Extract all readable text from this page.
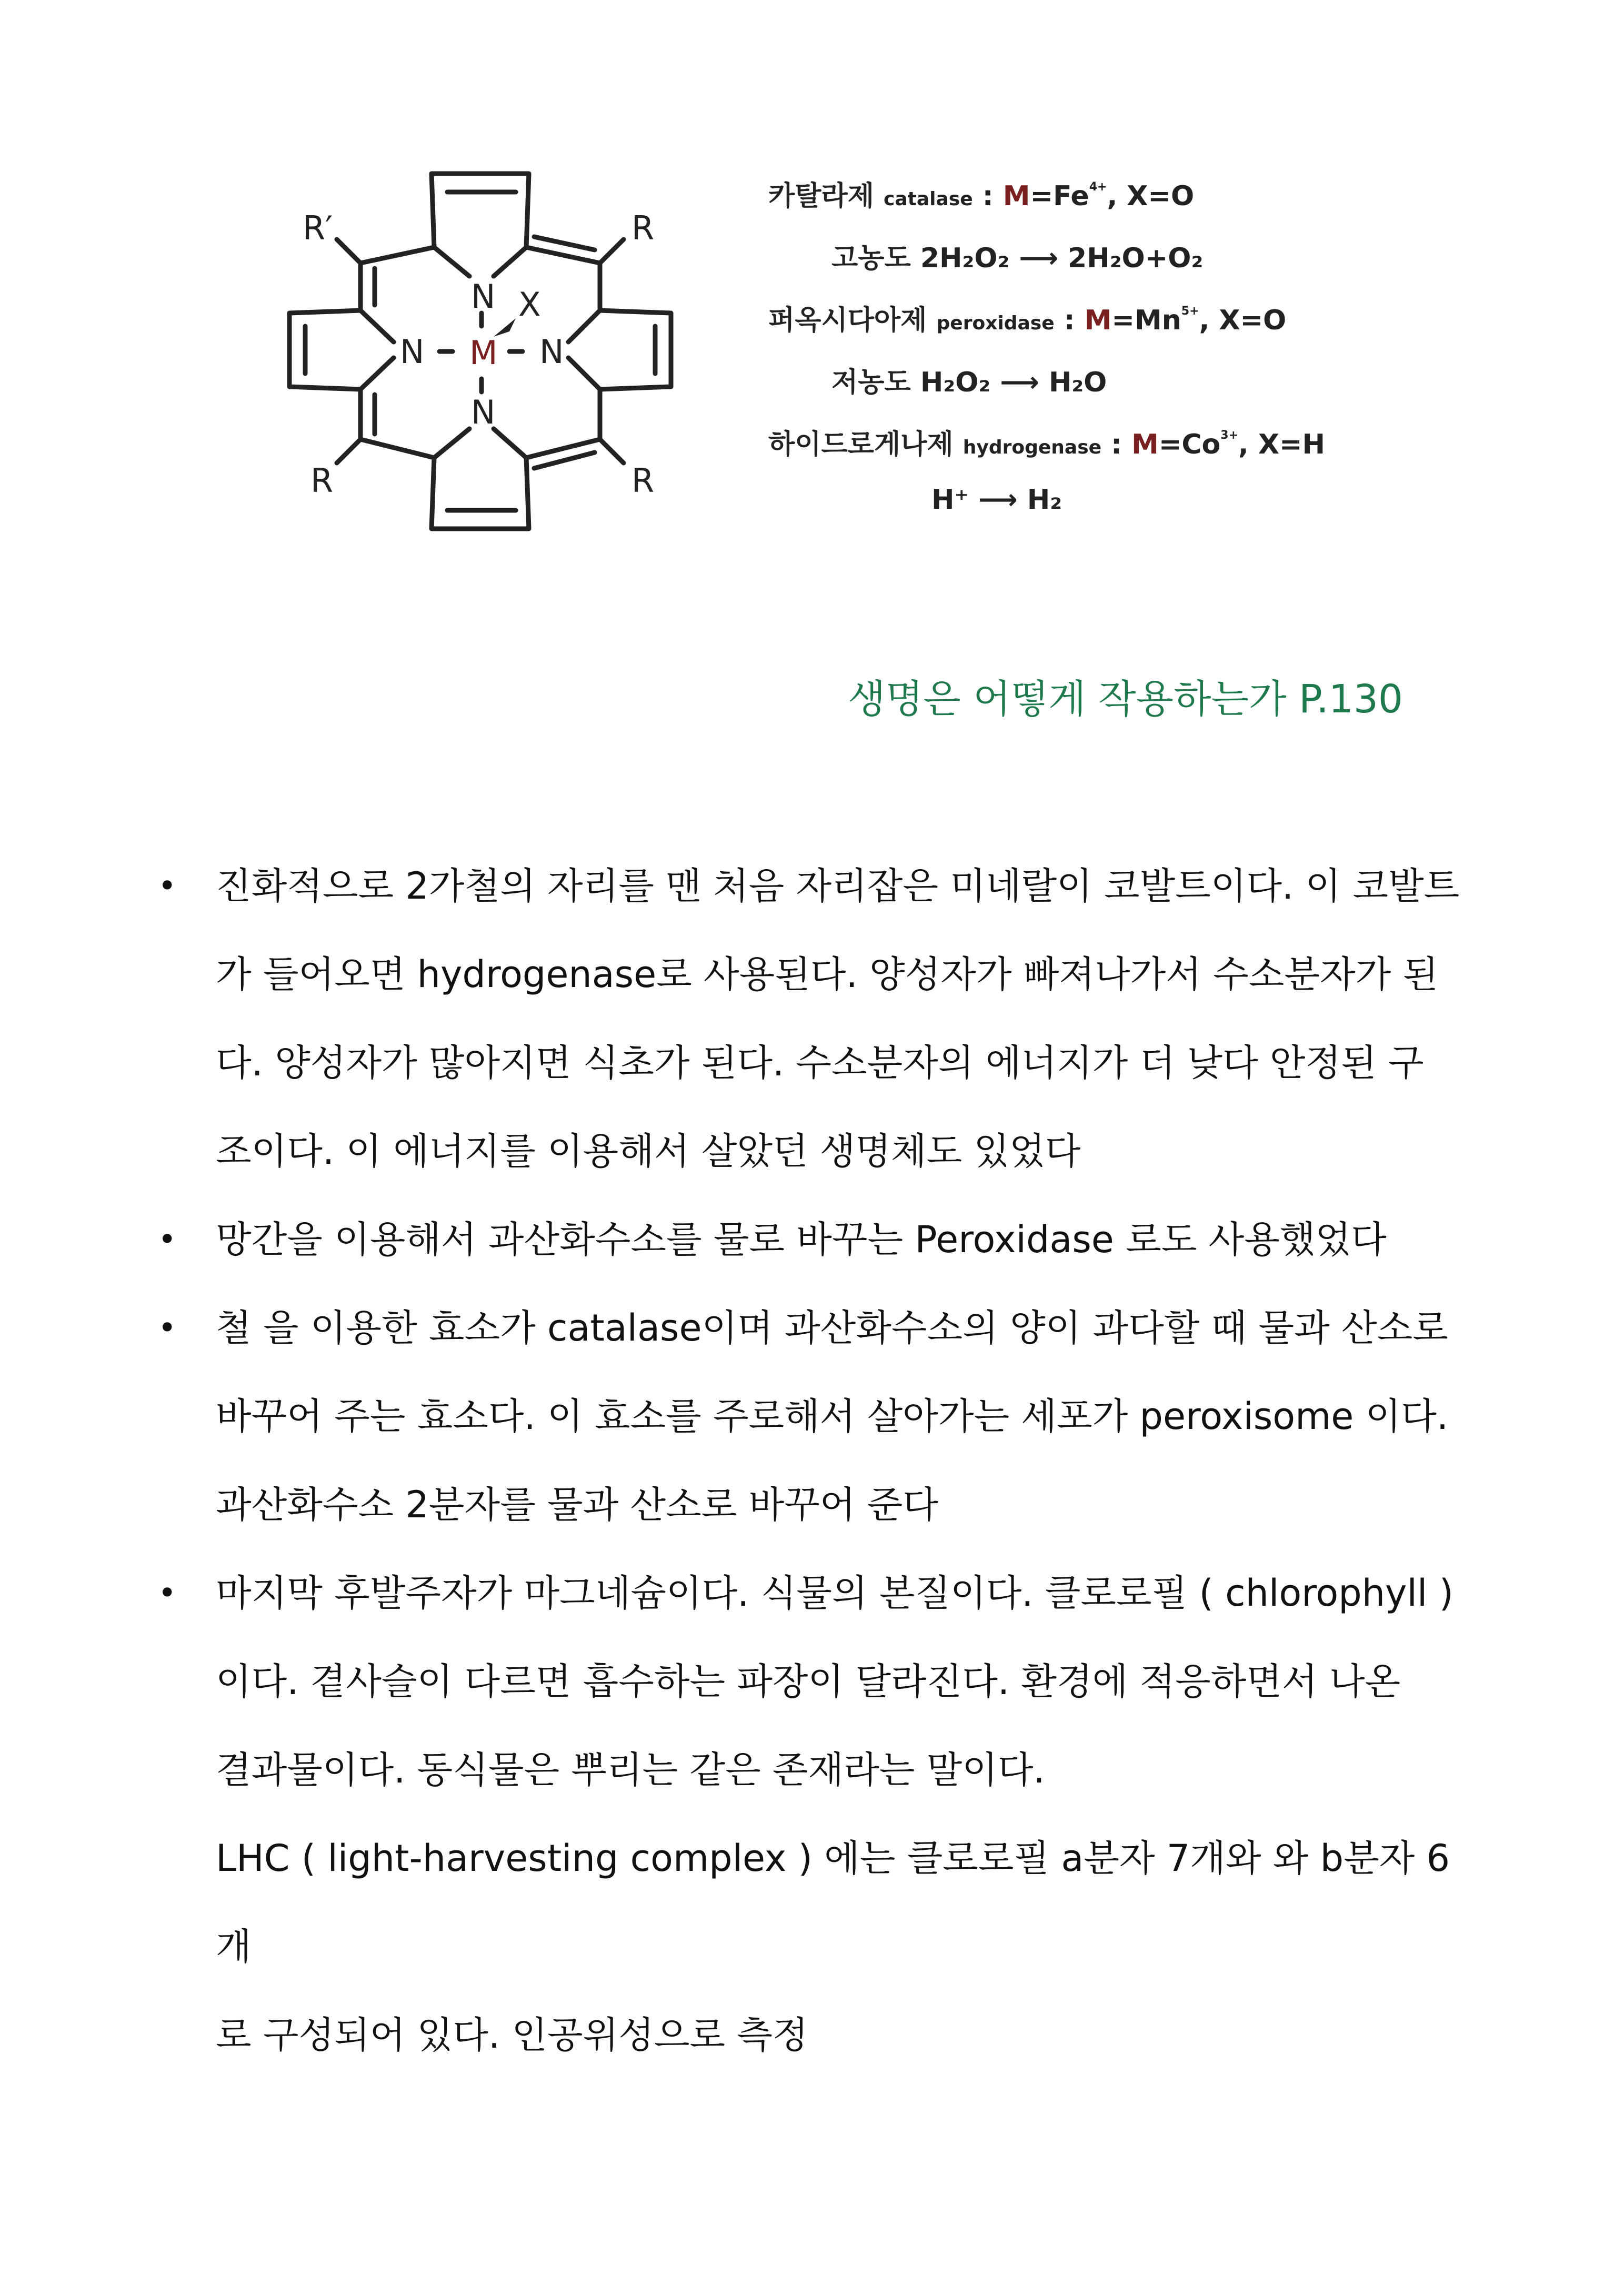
R′	R
R	R
N
N
N	N
X
M
카탈라제 catalase : $M=Fe^{4+}$, X=O
고농도 2H₂O₂ ⟶ 2H₂O+O₂
퍼옥시다아제 peroxidase : $M=Mn^{5+}$, X=O
저농도 H₂O₂ ⟶ H₂O
하이드로게나제 hydrogenase : $M=Co^{3+}$, X=H
H⁺ ⟶ H₂
생명은 어떻게 작용하는가 P.130
• 진화적으로 2가철의 자리를 맨 처음 자리잡은 미네랄이 코발트이다. 이 코발트
가 들어오면 hydrogenase로 사용된다. 양성자가 빠져나가서 수소분자가 된
다. 양성자가 많아지면 식초가 된다. 수소분자의 에너지가 더 낮다 안정된 구
조이다. 이 에너지를 이용해서 살았던 생명체도 있었다
• 망간을 이용해서 과산화수소를 물로 바꾸는 Peroxidase 로도 사용했었다
• 철 을 이용한 효소가 catalase이며 과산화수소의 양이 과다할 때 물과 산소로
바꾸어 주는 효소다. 이 효소를 주로해서 살아가는 세포가 peroxisome 이다.
과산화수소 2분자를 물과 산소로 바꾸어 준다
• 마지막 후발주자가 마그네슘이다. 식물의 본질이다. 클로로필 ( chlorophyll )
이다. 곁사슬이 다르면 흡수하는 파장이 달라진다. 환경에 적응하면서 나온
결과물이다. 동식물은 뿌리는 같은 존재라는 말이다.
LHC ( light-harvesting complex ) 에는 클로로필 a분자 7개와 와 b분자 6개
로 구성되어 있다. 인공위성으로 측정
